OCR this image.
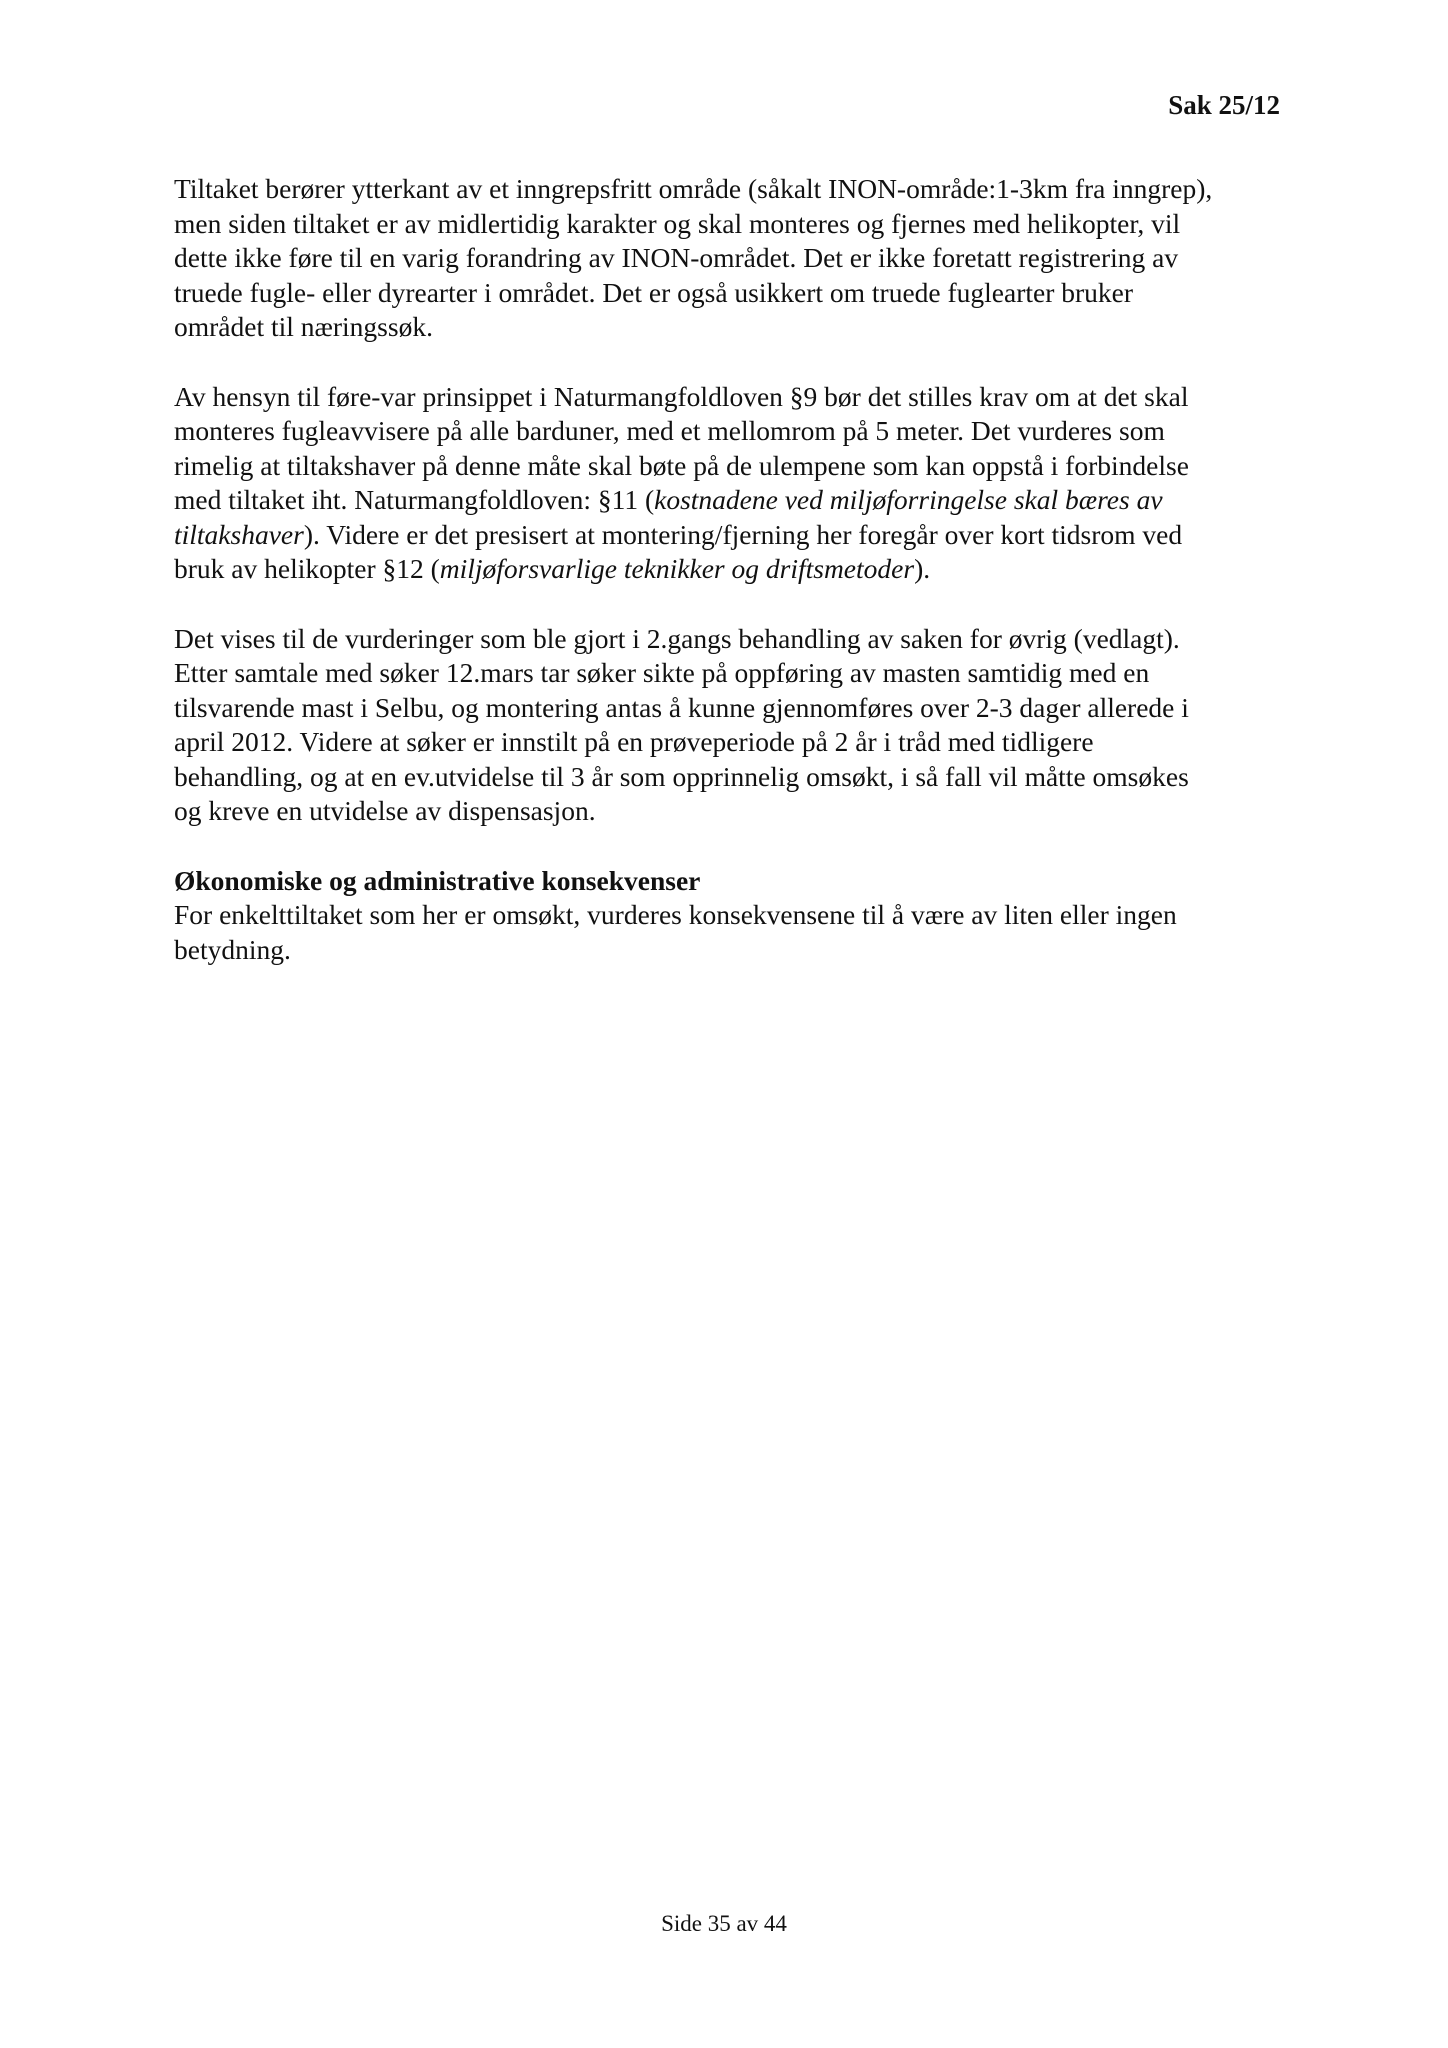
Sak 25/12

Tiltaket berører ytterkant av et inngrepsfritt område (såkalt INON-område:1-3km fra inngrep),
men siden tiltaket er av midlertidig karakter og skal monteres og fjernes med helikopter, vil
dette ikke føre til en varig forandring av INON-området. Det er ikke foretatt registrering av
truede fugle- eller dyrearter i området. Det er også usikkert om truede fuglearter bruker
området til næringssøk.

Av hensyn til føre-var prinsippet i Naturmangfoldloven §9 bør det stilles krav om at det skal
monteres fugleavvisere på alle barduner, med et mellomrom på 5 meter. Det vurderes som
rimelig at tiltakshaver på denne måte skal bøte på de ulempene som kan oppstå i forbindelse
med tiltaket iht. Naturmangfoldloven: §11 (kostnadene ved miljøforringelse skal bæres av
tiltakshaver). Videre er det presisert at montering/fjerning her foregår over kort tidsrom ved
bruk av helikopter §12 (miljøforsvarlige teknikker og driftsmetoder).

Det vises til de vurderinger som ble gjort i 2.gangs behandling av saken for øvrig (vedlagt).
Etter samtale med søker 12.mars tar søker sikte på oppføring av masten samtidig med en
tilsvarende mast i Selbu, og montering antas å kunne gjennomføres over 2-3 dager allerede i
april 2012. Videre at søker er innstilt på en prøveperiode på 2 år i tråd med tidligere
behandling, og at en ev.utvidelse til 3 år som opprinnelig omsøkt, i så fall vil måtte omsøkes
og kreve en utvidelse av dispensasjon.

Økonomiske og administrative konsekvenser
For enkelttiltaket som her er omsøkt, vurderes konsekvensene til å være av liten eller ingen
betydning.

Side 35 av 44
